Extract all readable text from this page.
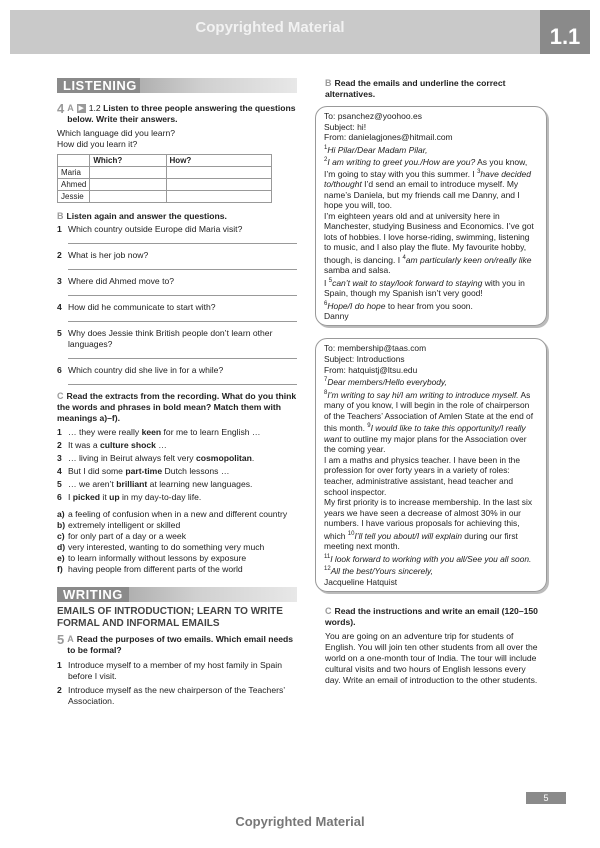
Copyrighted Material	1.1
LISTENING
4 A ▶ 1.2 Listen to three people answering the questions below. Write their answers.

Which language did you learn?

How did you learn it?

	Which?	How?
Maria		
Ahmed		
Jessie		

B Listen again and answer the questions.

1 Which country outside Europe did Maria visit?
2 What is her job now?
3 Where did Ahmed move to?
4 How did he communicate to start with?
5 Why does Jessie think British people don’t learn other languages?
6 Which country did she live in for a while?

C Read the extracts from the recording. What do you think the words and phrases in bold mean? Match them with meanings a)–f).

1 … they were really keen for me to learn English …
2 It was a culture shock …
3 … living in Beirut always felt very cosmopolitan.
4 But I did some part-time Dutch lessons …
5 … we aren’t brilliant at learning new languages.
6 I picked it up in my day-to-day life.
a) a feeling of confusion when in a new and different country
b) extremely intelligent or skilled
c) for only part of a day or a week
d) very interested, wanting to do something very much
e) to learn informally without lessons by exposure
f) having people from different parts of the world
WRITING

EMAILS OF INTRODUCTION; LEARN TO WRITE FORMAL AND INFORMAL EMAILS

5 A Read the purposes of two emails. Which email needs to be formal?
1 Introduce myself to a member of my host family in Spain before I visit.
2 Introduce myself as the new chairperson of the Teachers’ Association.

B Read the emails and underline the correct alternatives.

To: psanchez@yoohoo.es

Subject: hi!

From: danielagjones@hitmail.com

$^1$Hi Pilar/Dear Madam Pilar,

$^2$I am writing to greet you./How are you? As you know, I’m going to stay with you this summer. I $^3$have decided to/thought I’d send an email to introduce myself. My name’s Daniela, but my friends call me Danny, and I hope you will, too.

I’m eighteen years old and at university here in Manchester, studying Business and Economics. I’ve got lots of hobbies. I love horse-riding, swimming, listening to music, and I also play the flute. My favourite hobby, though, is dancing. I $^4$am particularly keen on/really like samba and salsa.

I $^5$can’t wait to stay/look forward to staying with you in Spain, though my Spanish isn’t very good!

$^6$Hope/I do hope to hear from you soon.

Danny

To: membership@taas.com

Subject: Introductions

From: hatquistj@ltsu.edu

$^7$Dear members/Hello everybody,

$^8$I’m writing to say hi/I am writing to introduce myself. As many of you know, I will begin in the role of chairperson of the Teachers’ Association of Amlen State at the end of this month. $^9$I would like to take this opportunity/I really want to outline my major plans for the Association over the coming year.

I am a maths and physics teacher. I have been in the profession for over forty years in a variety of roles: teacher, administrative assistant, head teacher and school inspector.

My first priority is to increase membership. In the last six years we have seen a decrease of almost 30% in our numbers. I have various proposals for achieving this, which $^{10}$I’ll tell you about/I will explain during our first meeting next month.

$^{11}$I look forward to working with you all/See you all soon.

$^{12}$All the best/Yours sincerely,

Jacqueline Hatquist

C Read the instructions and write an email (120–150 words).

You are going on an adventure trip for students of English. You will join ten other students from all over the world on a one-month tour of India. The tour will include cultural visits and two hours of English lessons every day. Write an email of introduction to the other students.

5
Copyrighted Material
